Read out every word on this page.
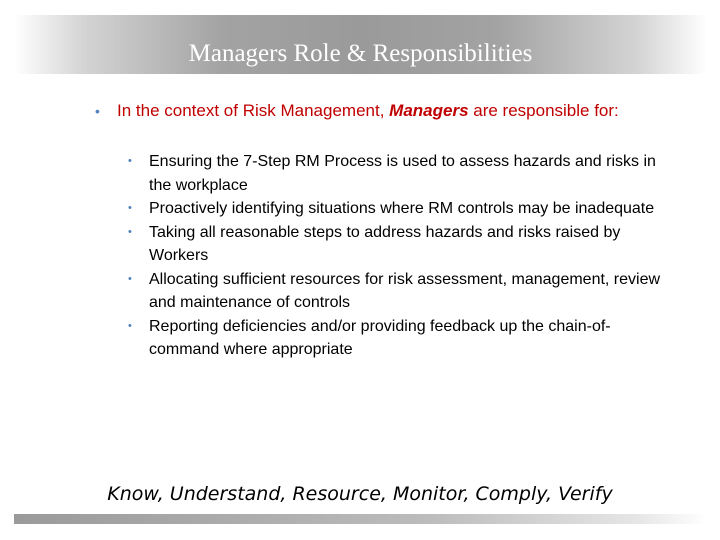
Managers Role & Responsibilities
• In the context of Risk Management, Managers are responsible for:
• Ensuring the 7-Step RM Process is used to assess hazards and risks in the workplace
• Proactively identifying situations where RM controls may be inadequate
• Taking all reasonable steps to address hazards and risks raised by Workers
• Allocating sufficient resources for risk assessment, management, review and maintenance of controls
• Reporting deficiencies and/or providing feedback up the chain-of-command where appropriate
Know, Understand, Resource, Monitor, Comply, Verify
